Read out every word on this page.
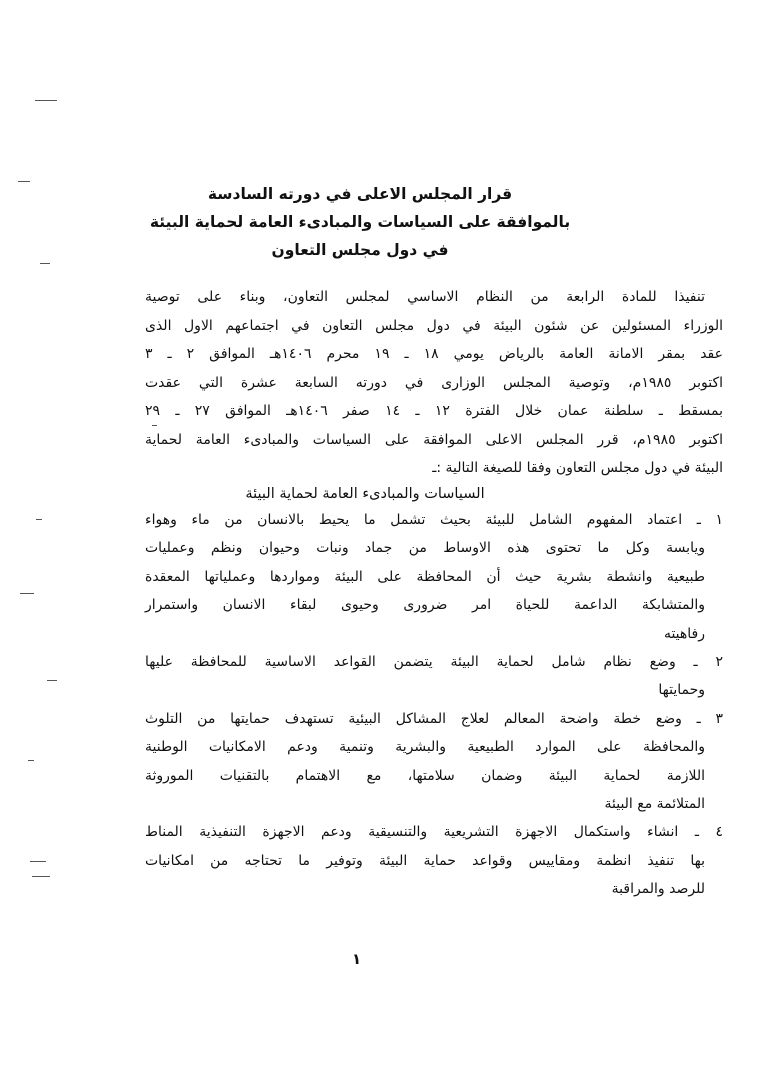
قرار المجلس الاعلى في دورته السادسة
بالموافقة على السياسات والمبادىء العامة لحماية البيئة
في دول مجلس التعاون
تنفيذا للمادة الرابعة من النظام الاساسي لمجلس التعاون، وبناء على توصية
الوزراء المسئولين عن شئون البيئة في دول مجلس التعاون في اجتماعهم الاول الذى
عقد بمقر الامانة العامة بالرياض يومي ١٨ ـ ١٩ محرم ١٤٠٦هـ الموافق ٢ ـ ٣
اكتوبر ١٩٨٥م، وتوصية المجلس الوزارى في دورته السابعة عشرة التي عقدت
بمسقط ـ سلطنة عمان خلال الفترة ١٢ ـ ١٤ صفر ١٤٠٦هـ الموافق ٢٧ ـ ٢٩
اكتوبر ١٩٨٥م، قرر المجلس الاعلى الموافقة على السياسات والمبادىء العامة لحماية
البيئة في دول مجلس التعاون وفقا للصيغة التالية :ـ
السياسات والمبادىء العامة لحماية البيئة
١ ـ اعتماد المفهوم الشامل للبيئة بحيث تشمل ما يحيط بالانسان من ماء وهواء
ويابسة وكل ما تحتوى هذه الاوساط من جماد ونبات وحيوان ونظم وعمليات
طبيعية وانشطة بشرية حيث أن المحافظة على البيئة ومواردها وعملياتها المعقدة
والمتشابكة الداعمة للحياة امر ضرورى وحيوى لبقاء الانسان واستمرار
رفاهيته
٢ ـ وضع نظام شامل لحماية البيئة يتضمن القواعد الاساسية للمحافظة عليها
وحمايتها
٣ ـ وضع خطة واضحة المعالم لعلاج المشاكل البيئية تستهدف حمايتها من التلوث
والمحافظة على الموارد الطبيعية والبشرية وتنمية ودعم الامكانيات الوطنية
اللازمة لحماية البيئة وضمان سلامتها، مع الاهتمام بالتقنيات الموروثة
المتلائمة مع البيئة
٤ ـ انشاء واستكمال الاجهزة التشريعية والتنسيقية ودعم الاجهزة التنفيذية المناط
بها تنفيذ انظمة ومقاييس وقواعد حماية البيئة وتوفير ما تحتاجه من امكانيات
للرصد والمراقبة
١
